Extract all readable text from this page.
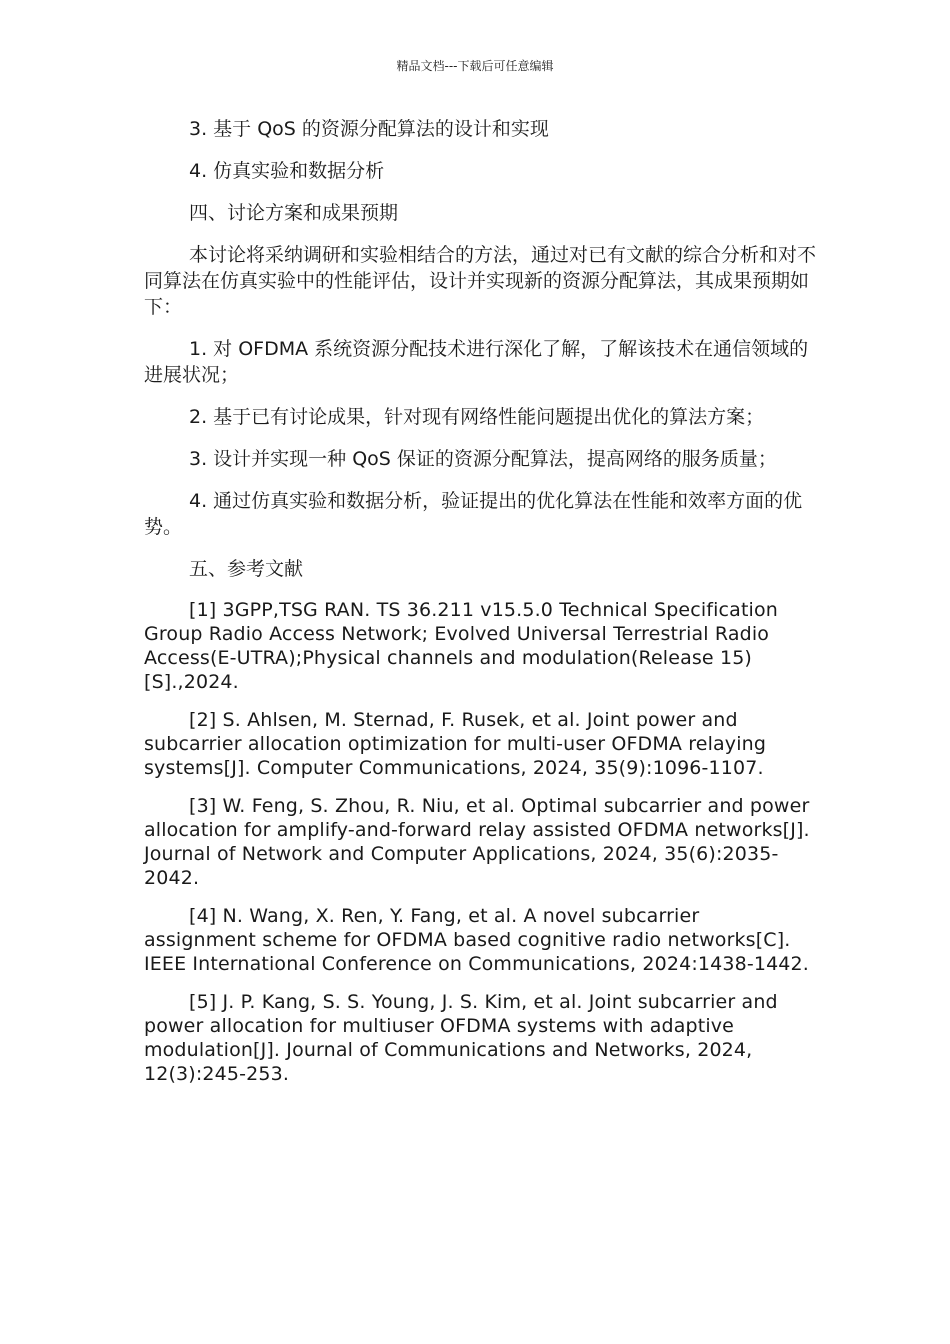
精品文档---下载后可任意编辑

3. 基于 QoS 的资源分配算法的设计和实现

4. 仿真实验和数据分析

四、讨论方案和成果预期

本讨论将采纳调研和实验相结合的方法，通过对已有文献的综合分析和对不同算法在仿真实验中的性能评估，设计并实现新的资源分配算法，其成果预期如下：

1. 对 OFDMA 系统资源分配技术进行深化了解，了解该技术在通信领域的进展状况；

2. 基于已有讨论成果，针对现有网络性能问题提出优化的算法方案；

3. 设计并实现一种 QoS 保证的资源分配算法，提高网络的服务质量；

4. 通过仿真实验和数据分析，验证提出的优化算法在性能和效率方面的优势。

五、参考文献

[1] 3GPP,TSG RAN. TS 36.211 v15.5.0 Technical Specification Group Radio Access Network; Evolved Universal Terrestrial Radio Access(E-UTRA);Physical channels and modulation(Release 15)[S].,2024.

[2] S. Ahlsen, M. Sternad, F. Rusek, et al. Joint power and subcarrier allocation optimization for multi-user OFDMA relaying systems[J]. Computer Communications, 2024, 35(9):1096-1107.

[3] W. Feng, S. Zhou, R. Niu, et al. Optimal subcarrier and power allocation for amplify-and-forward relay assisted OFDMA networks[J]. Journal of Network and Computer Applications, 2024, 35(6):2035-2042.

[4] N. Wang, X. Ren, Y. Fang, et al. A novel subcarrier assignment scheme for OFDMA based cognitive radio networks[C]. IEEE International Conference on Communications, 2024:1438-1442.

[5] J. P. Kang, S. S. Young, J. S. Kim, et al. Joint subcarrier and power allocation for multiuser OFDMA systems with adaptive modulation[J]. Journal of Communications and Networks, 2024, 12(3):245-253.
